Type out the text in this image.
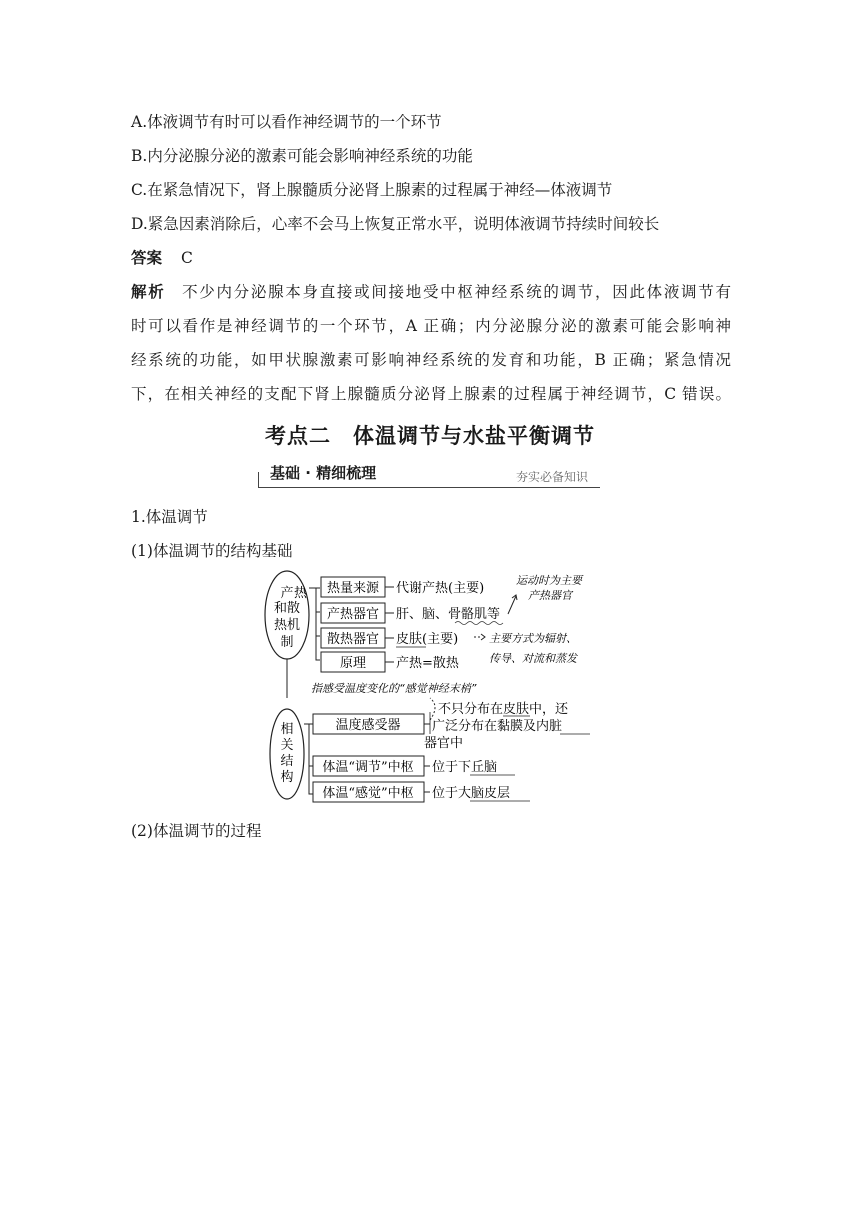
A.体液调节有时可以看作神经调节的一个环节
B.内分泌腺分泌的激素可能会影响神经系统的功能
C.在紧急情况下，肾上腺髓质分泌肾上腺素的过程属于神经—体液调节
D.紧急因素消除后，心率不会马上恢复正常水平，说明体液调节持续时间较长
答案 C
解析 不少内分泌腺本身直接或间接地受中枢神经系统的调节，因此体液调节有
时可以看作是神经调节的一个环节，A 正确；内分泌腺分泌的激素可能会影响神
经系统的功能，如甲状腺激素可影响神经系统的发育和功能，B 正确；紧急情况
下，在相关神经的支配下肾上腺髓质分泌肾上腺素的过程属于神经调节，C 错误。
考点二　体温调节与水盐平衡调节
基础 · 精细梳理	夯实必备知识
1.体温调节
(1)体温调节的结构基础
产
和散
热机
制
热 热量来源 代谢产热(主要)
产热器官 肝、脑、骨骼肌等
散热器官 皮肤(主要)
原理 产热=散热
运动时为主要
产热器官
主要方式为辐射、
传导、对流和蒸发
指感受温度变化的“感觉神经末梢”
相
关
结
构
温度感受器
不只分布在皮肤中，还
广泛分布在黏膜及内脏
器官中
体温“调节”中枢 位于下丘脑
体温“感觉”中枢 位于大脑皮层
(2)体温调节的过程
